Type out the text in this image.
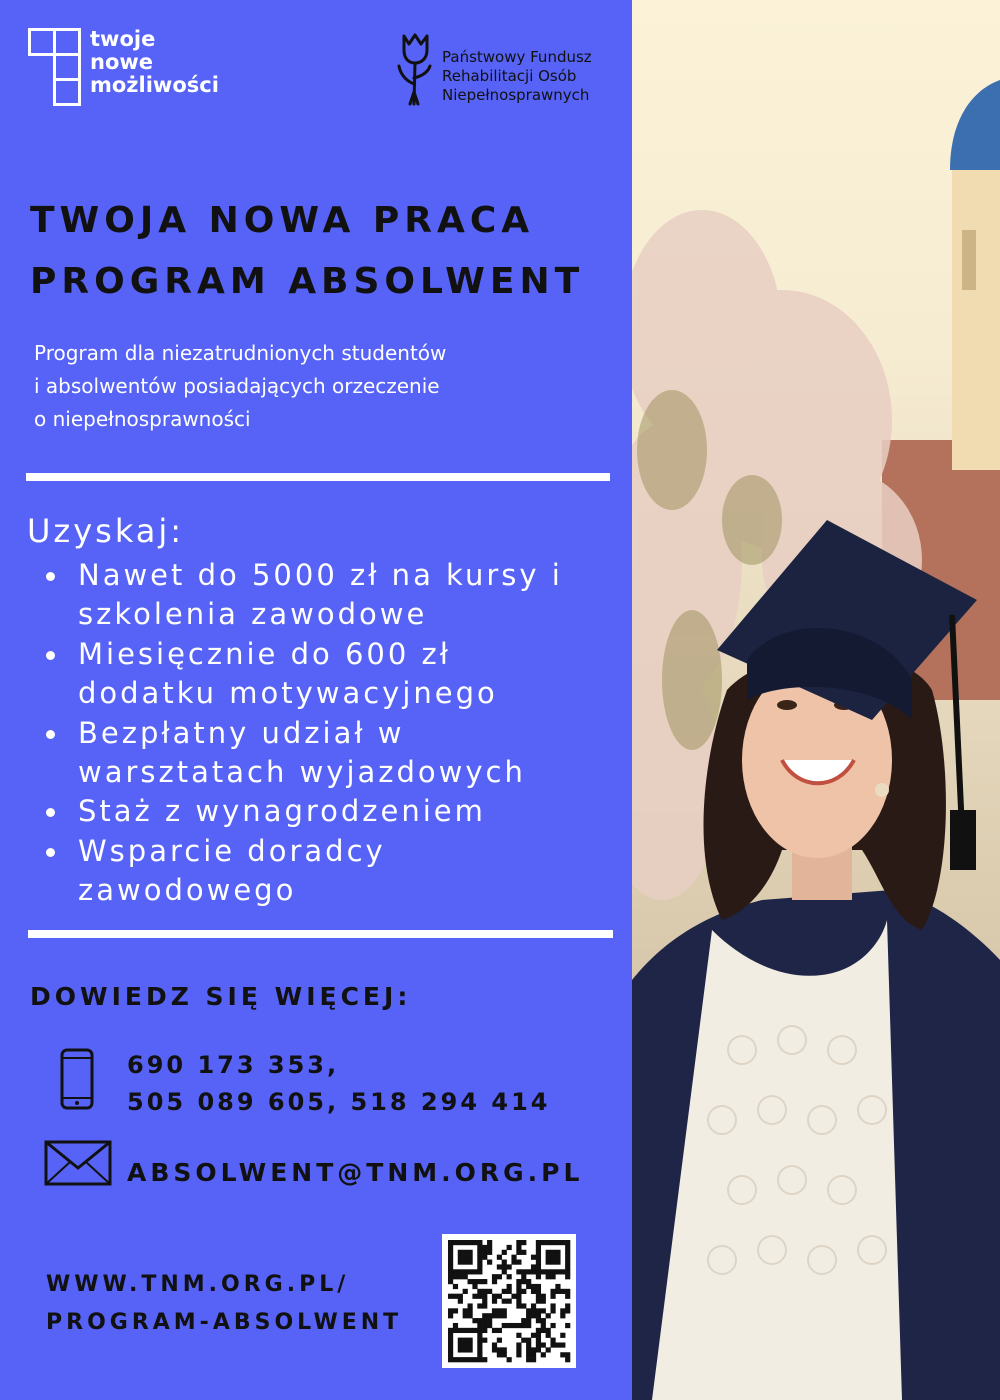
twoje
nowe
możliwości
Państwowy Fundusz
Rehabilitacji Osób
Niepełnosprawnych
TWOJA NOWA PRACA
PROGRAM ABSOLWENT
Program dla niezatrudnionych studentów
i absolwentów posiadających orzeczenie
o niepełnosprawności
Uzyskaj:
Nawet do 5000 zł na kursy i
szkolenia zawodowe
Miesięcznie do 600 zł
dodatku motywacyjnego
Bezpłatny udział w
warsztatach wyjazdowych
Staż z wynagrodzeniem
Wsparcie doradcy
zawodowego
DOWIEDZ SIĘ WIĘCEJ:
690 173 353,
505 089 605, 518 294 414
ABSOLWENT@TNM.ORG.PL
WWW.TNM.ORG.PL/
PROGRAM-ABSOLWENT
